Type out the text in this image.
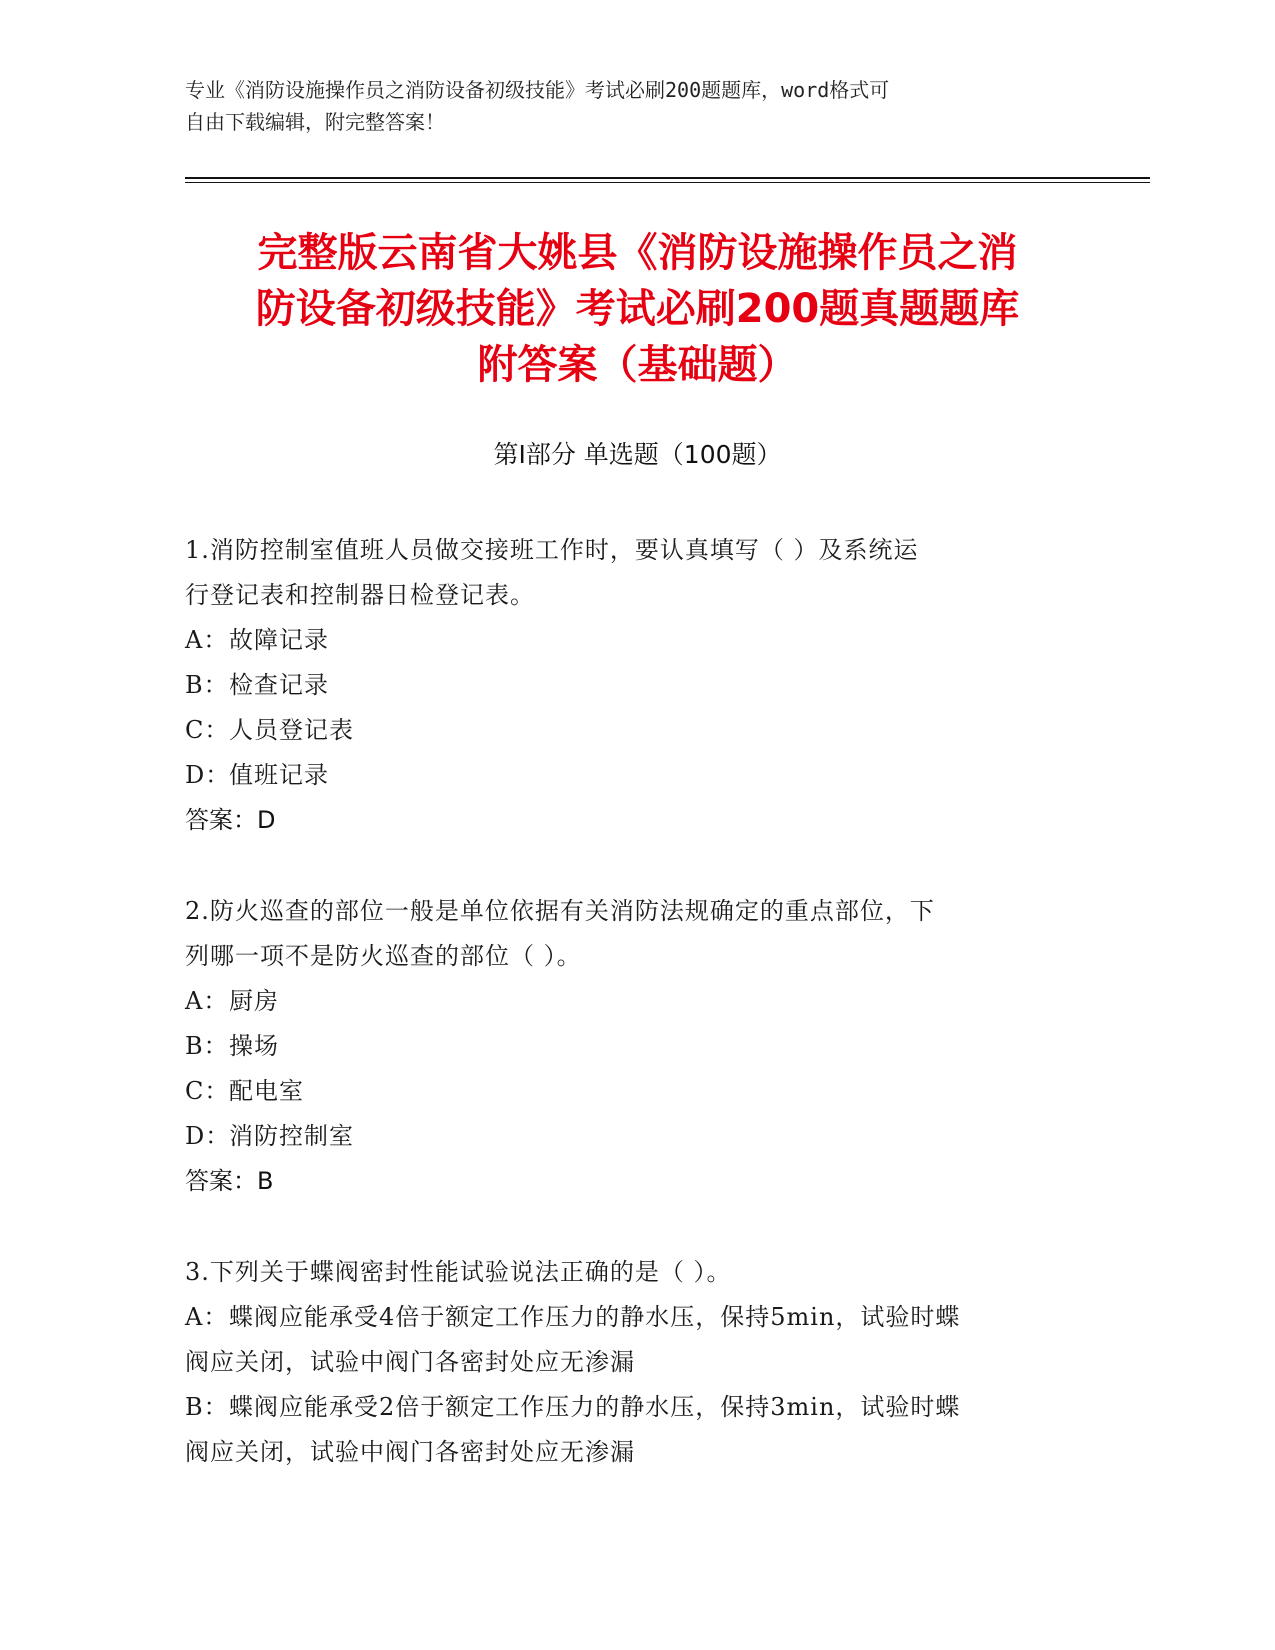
专业《消防设施操作员之消防设备初级技能》考试必刷200题题库，word格式可
自由下载编辑，附完整答案！
完整版云南省大姚县《消防设施操作员之消
防设备初级技能》考试必刷200题真题题库
附答案（基础题）
第Ⅰ部分 单选题（100题）

1.消防控制室值班人员做交接班工作时，要认真填写（ ）及系统运

行登记表和控制器日检登记表。

A：故障记录

B：检查记录

C：人员登记表

D：值班记录

答案：D

2.防火巡查的部位一般是单位依据有关消防法规确定的重点部位，下

列哪一项不是防火巡查的部位（ ）。

A：厨房

B：操场

C：配电室

D：消防控制室

答案：B

3.下列关于蝶阀密封性能试验说法正确的是（ ）。

A：蝶阀应能承受4倍于额定工作压力的静水压，保持5min，试验时蝶

阀应关闭，试验中阀门各密封处应无渗漏

B：蝶阀应能承受2倍于额定工作压力的静水压，保持3min，试验时蝶

阀应关闭，试验中阀门各密封处应无渗漏
